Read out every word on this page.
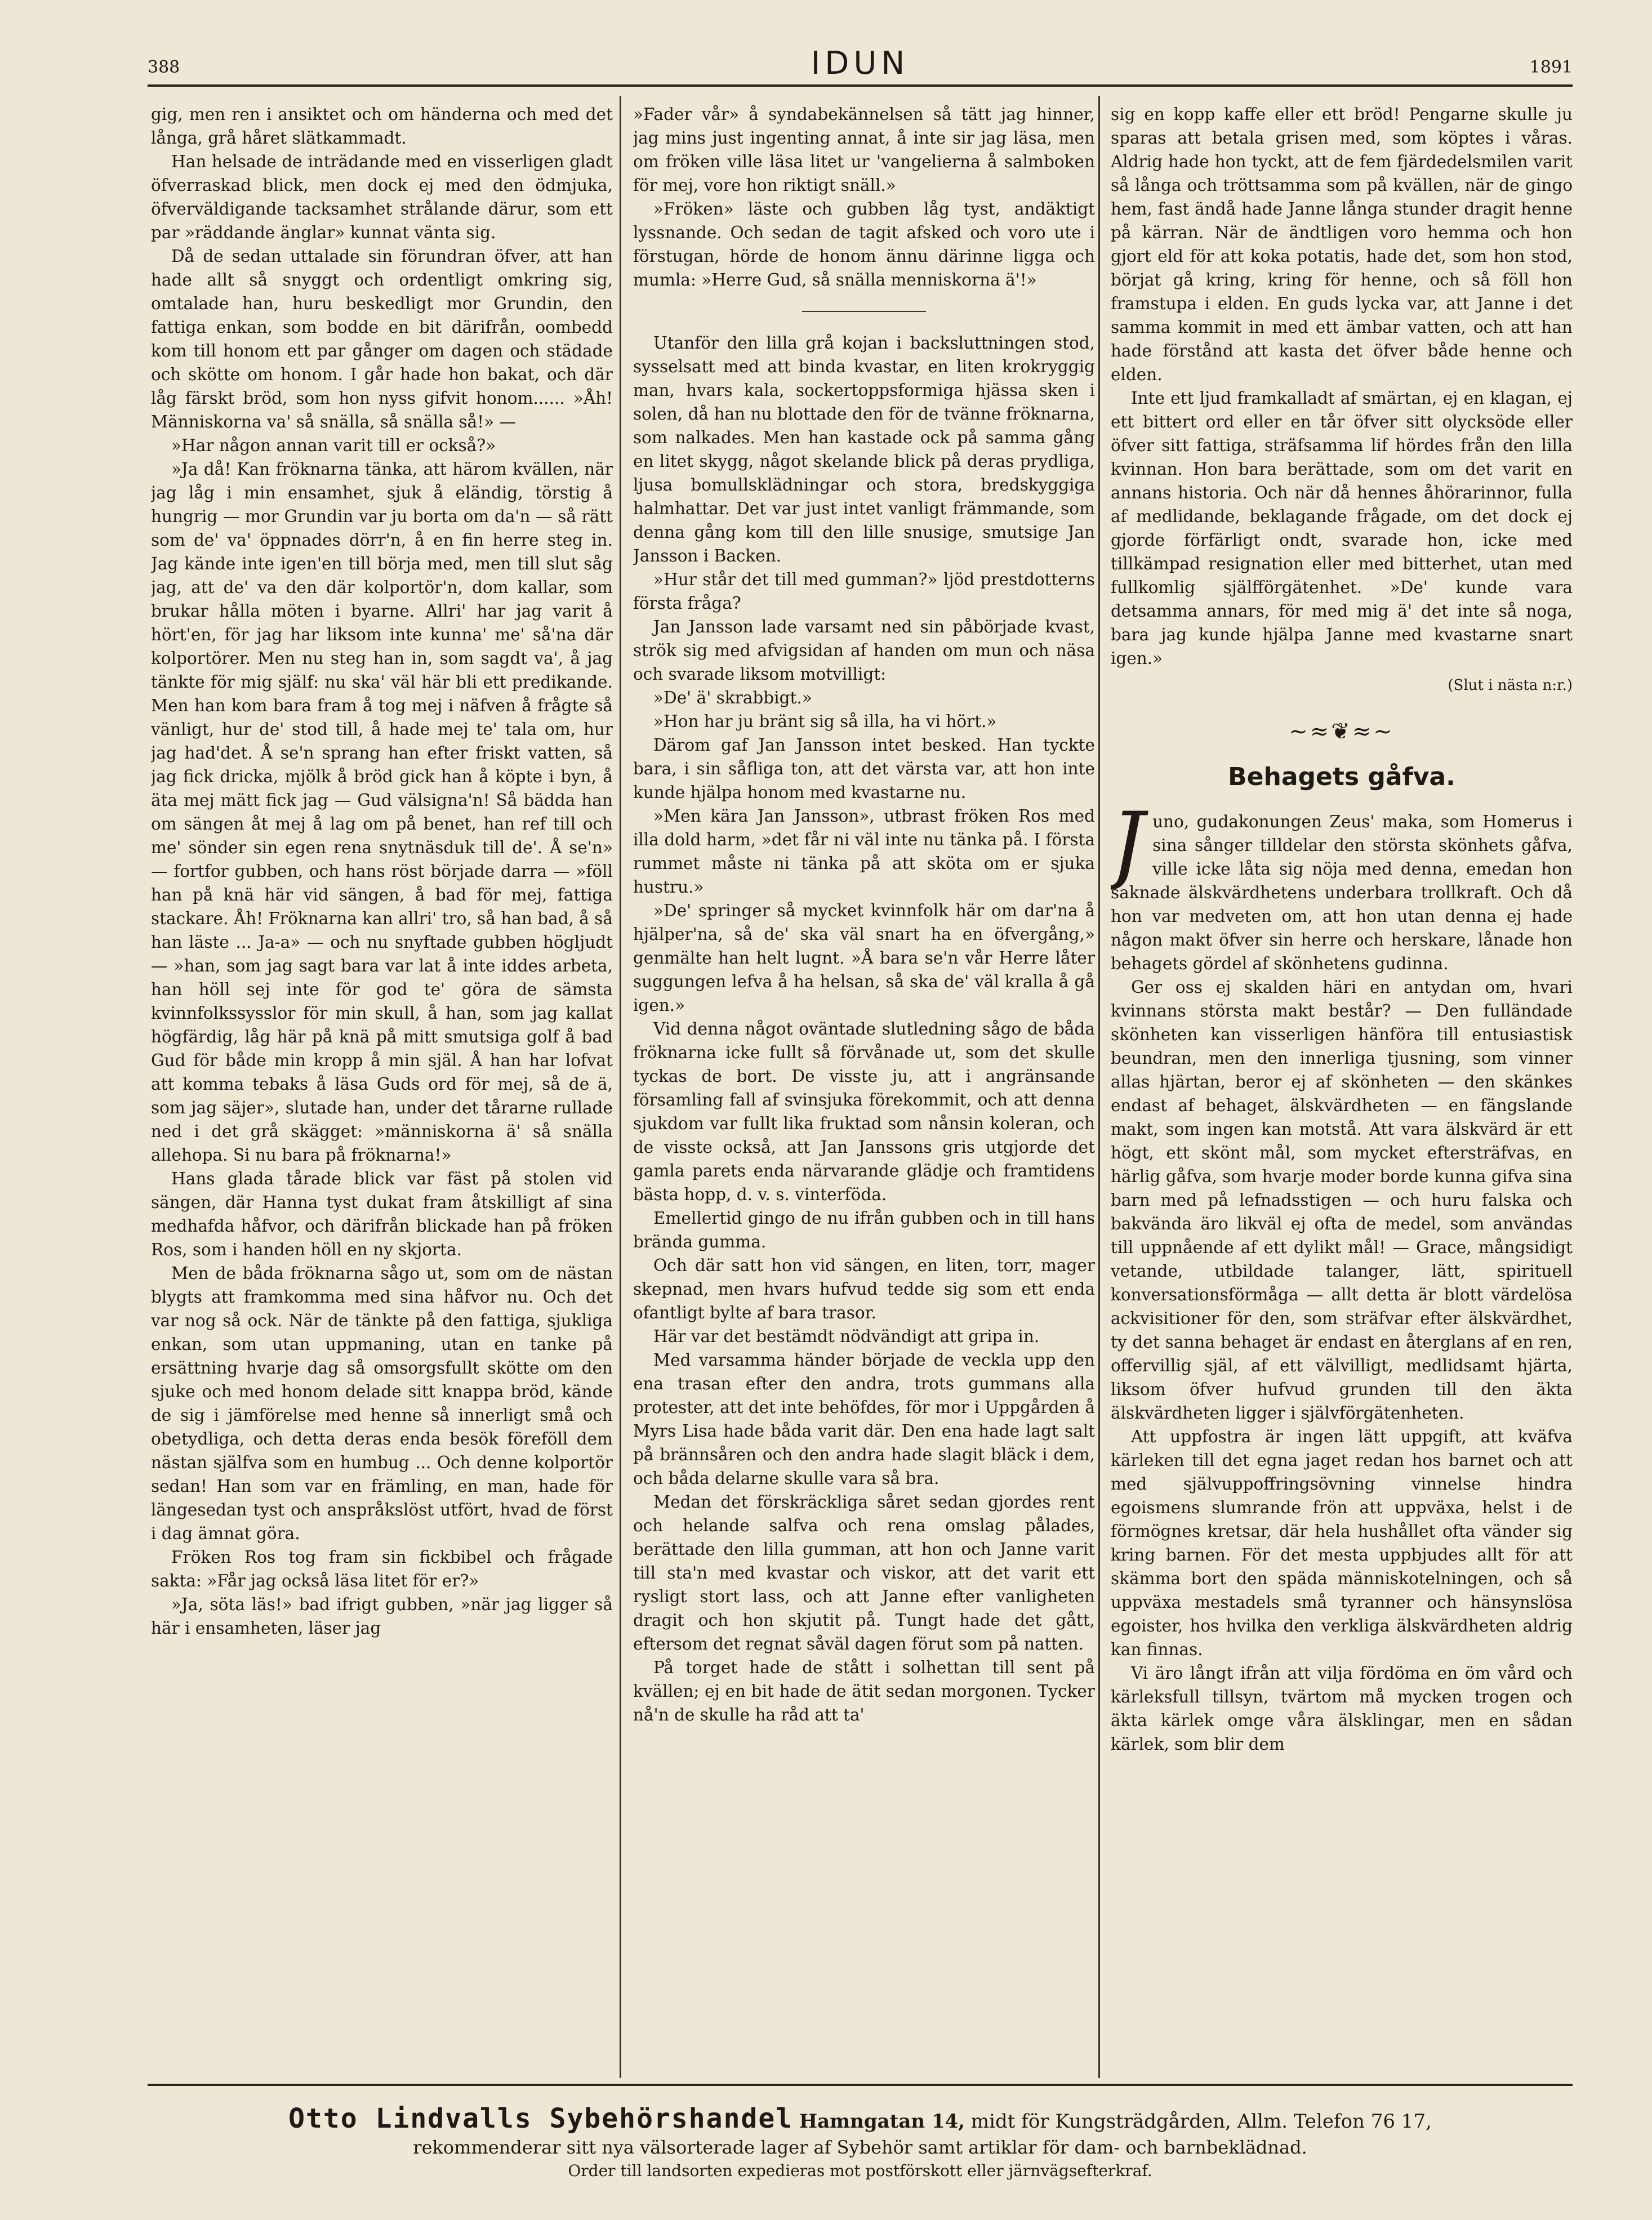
388	IDUN	1891

gig, men ren i ansiktet och om händerna och med det långa, grå håret slätkammadt.

Han helsade de inträdande med en visserligen gladt öfverraskad blick, men dock ej med den ödmjuka, öfverväldigande tacksamhet strålande därur, som ett par »räddande änglar» kunnat vänta sig.

Då de sedan uttalade sin förundran öfver, att han hade allt så snyggt och ordentligt omkring sig, omtalade han, huru beskedligt mor Grundin, den fattiga enkan, som bodde en bit därifrån, oombedd kom till honom ett par gånger om dagen och städade och skötte om honom. I går hade hon bakat, och där låg färskt bröd, som hon nyss gifvit honom...... »Åh! Människorna va' så snälla, så snälla så!» —

»Har någon annan varit till er också?»

»Ja då! Kan fröknarna tänka, att härom kvällen, när jag låg i min ensamhet, sjuk å eländig, törstig å hungrig — mor Grundin var ju borta om da'n — så rätt som de' va' öppnades dörr'n, å en fin herre steg in. Jag kände inte igen'en till börja med, men till slut såg jag, att de' va den där kolportör'n, dom kallar, som brukar hålla möten i byarne. Allri' har jag varit å hört'en, för jag har liksom inte kunna' me' så'na där kolportörer. Men nu steg han in, som sagdt va', å jag tänkte för mig själf: nu ska' väl här bli ett predikande. Men han kom bara fram å tog mej i näfven å frågte så vänligt, hur de' stod till, å hade mej te' tala om, hur jag had'det. Å se'n sprang han efter friskt vatten, så jag fick dricka, mjölk å bröd gick han å köpte i byn, å äta mej mätt fick jag — Gud välsigna'n! Så bädda han om sängen åt mej å lag om på benet, han ref till och me' sönder sin egen rena snytnäsduk till de'. Å se'n» — fortfor gubben, och hans röst började darra — »föll han på knä här vid sängen, å bad för mej, fattiga stackare. Åh! Fröknarna kan allri' tro, så han bad, å så han läste ... Ja-a» — och nu snyftade gubben högljudt — »han, som jag sagt bara var lat å inte iddes arbeta, han höll sej inte för god te' göra de sämsta kvinnfolkssysslor för min skull, å han, som jag kallat högfärdig, låg här på knä på mitt smutsiga golf å bad Gud för både min kropp å min själ. Å han har lofvat att komma tebaks å läsa Guds ord för mej, så de ä, som jag säjer», slutade han, under det tårarne rullade ned i det grå skägget: »människorna ä' så snälla allehopa. Si nu bara på fröknarna!»

Hans glada tårade blick var fäst på stolen vid sängen, där Hanna tyst dukat fram åtskilligt af sina medhafda håfvor, och därifrån blickade han på fröken Ros, som i handen höll en ny skjorta.

Men de båda fröknarna sågo ut, som om de nästan blygts att framkomma med sina håfvor nu. Och det var nog så ock. När de tänkte på den fattiga, sjukliga enkan, som utan uppmaning, utan en tanke på ersättning hvarje dag så omsorgsfullt skötte om den sjuke och med honom delade sitt knappa bröd, kände de sig i jämförelse med henne så innerligt små och obetydliga, och detta deras enda besök föreföll dem nästan själfva som en humbug ... Och denne kolportör sedan! Han som var en främling, en man, hade för längesedan tyst och anspråkslöst utfört, hvad de först i dag ämnat göra.

Fröken Ros tog fram sin fickbibel och frågade sakta: »Får jag också läsa litet för er?»

»Ja, söta läs!» bad ifrigt gubben, »när jag ligger så här i ensamheten, läser jag

»Fader vår» å syndabekännelsen så tätt jag hinner, jag mins just ingenting annat, å inte sir jag läsa, men om fröken ville läsa litet ur 'vangelierna å salmboken för mej, vore hon riktigt snäll.»

»Fröken» läste och gubben låg tyst, andäktigt lyssnande. Och sedan de tagit afsked och voro ute i förstugan, hörde de honom ännu därinne ligga och mumla: »Herre Gud, så snälla menniskorna ä'!»

Utanför den lilla grå kojan i backsluttningen stod, sysselsatt med att binda kvastar, en liten krokryggig man, hvars kala, sockertoppsformiga hjässa sken i solen, då han nu blottade den för de tvänne fröknarna, som nalkades. Men han kastade ock på samma gång en litet skygg, något skelande blick på deras prydliga, ljusa bomullsklädningar och stora, bredskyggiga halmhattar. Det var just intet vanligt främmande, som denna gång kom till den lille snusige, smutsige Jan Jansson i Backen.

»Hur står det till med gumman?» ljöd prestdotterns första fråga?

Jan Jansson lade varsamt ned sin påbörjade kvast, strök sig med afvigsidan af handen om mun och näsa och svarade liksom motvilligt:

»De' ä' skrabbigt.»

»Hon har ju bränt sig så illa, ha vi hört.»

Därom gaf Jan Jansson intet besked. Han tyckte bara, i sin såfliga ton, att det värsta var, att hon inte kunde hjälpa honom med kvastarne nu.

»Men kära Jan Jansson», utbrast fröken Ros med illa dold harm, »det får ni väl inte nu tänka på. I första rummet måste ni tänka på att sköta om er sjuka hustru.»

»De' springer så mycket kvinnfolk här om dar'na å hjälper'na, så de' ska väl snart ha en öfvergång,» genmälte han helt lugnt. »Å bara se'n vår Herre låter suggungen lefva å ha helsan, så ska de' väl kralla å gå igen.»

Vid denna något oväntade slutledning sågo de båda fröknarna icke fullt så förvånade ut, som det skulle tyckas de bort. De visste ju, att i angränsande församling fall af svinsjuka förekommit, och att denna sjukdom var fullt lika fruktad som nånsin koleran, och de visste också, att Jan Janssons gris utgjorde det gamla parets enda närvarande glädje och framtidens bästa hopp, d. v. s. vinterföda.

Emellertid gingo de nu ifrån gubben och in till hans brända gumma.

Och där satt hon vid sängen, en liten, torr, mager skepnad, men hvars hufvud tedde sig som ett enda ofantligt bylte af bara trasor.

Här var det bestämdt nödvändigt att gripa in.

Med varsamma händer började de veckla upp den ena trasan efter den andra, trots gummans alla protester, att det inte behöfdes, för mor i Uppgården å Myrs Lisa hade båda varit där. Den ena hade lagt salt på brännsåren och den andra hade slagit bläck i dem, och båda delarne skulle vara så bra.

Medan det förskräckliga såret sedan gjordes rent och helande salfva och rena omslag pålades, berättade den lilla gumman, att hon och Janne varit till sta'n med kvastar och viskor, att det varit ett rysligt stort lass, och att Janne efter vanligheten dragit och hon skjutit på. Tungt hade det gått, eftersom det regnat såväl dagen förut som på natten.

På torget hade de stått i solhettan till sent på kvällen; ej en bit hade de ätit sedan morgonen. Tycker nå'n de skulle ha råd att ta'

sig en kopp kaffe eller ett bröd! Pengarne skulle ju sparas att betala grisen med, som köptes i våras. Aldrig hade hon tyckt, att de fem fjärdedelsmilen varit så långa och tröttsamma som på kvällen, när de gingo hem, fast ändå hade Janne långa stunder dragit henne på kärran. När de ändtligen voro hemma och hon gjort eld för att koka potatis, hade det, som hon stod, börjat gå kring, kring för henne, och så föll hon framstupa i elden. En guds lycka var, att Janne i det samma kommit in med ett ämbar vatten, och att han hade förstånd att kasta det öfver både henne och elden.

Inte ett ljud framkalladt af smärtan, ej en klagan, ej ett bittert ord eller en tår öfver sitt olycksöde eller öfver sitt fattiga, sträfsamma lif hördes från den lilla kvinnan. Hon bara berättade, som om det varit en annans historia. Och när då hennes åhörarinnor, fulla af medlidande, beklagande frågade, om det dock ej gjorde förfärligt ondt, svarade hon, icke med tillkämpad resignation eller med bitterhet, utan med fullkomlig själfförgätenhet. »De' kunde vara detsamma annars, för med mig ä' det inte så noga, bara jag kunde hjälpa Janne med kvastarne snart igen.»

(Slut i nästa n:r.)
~≈❦≈~
Behagets gåfva.

Juno, gudakonungen Zeus' maka, som Homerus i sina sånger tilldelar den största skönhets gåfva, ville icke låta sig nöja med denna, emedan hon saknade älskvärdhetens underbara trollkraft. Och då hon var medveten om, att hon utan denna ej hade någon makt öfver sin herre och herskare, lånade hon behagets gördel af skönhetens gudinna.

Ger oss ej skalden häri en antydan om, hvari kvinnans största makt består? — Den fulländade skönheten kan visserligen hänföra till entusiastisk beundran, men den innerliga tjusning, som vinner allas hjärtan, beror ej af skönheten — den skänkes endast af behaget, älskvärdheten — en fängslande makt, som ingen kan motstå. Att vara älskvärd är ett högt, ett skönt mål, som mycket eftersträfvas, en härlig gåfva, som hvarje moder borde kunna gifva sina barn med på lefnadsstigen — och huru falska och bakvända äro likväl ej ofta de medel, som användas till uppnående af ett dylikt mål! — Grace, mångsidigt vetande, utbildade talanger, lätt, spirituell konversationsförmåga — allt detta är blott värdelösa ackvisitioner för den, som sträfvar efter älskvärdhet, ty det sanna behaget är endast en återglans af en ren, offervillig själ, af ett välvilligt, medlidsamt hjärta, liksom öfver hufvud grunden till den äkta älskvärdheten ligger i självförgätenheten.

Att uppfostra är ingen lätt uppgift, att kväfva kärleken till det egna jaget redan hos barnet och att med självuppoffringsövning vinnelse hindra egoismens slumrande frön att uppväxa, helst i de förmögnes kretsar, där hela hushållet ofta vänder sig kring barnen. För det mesta uppbjudes allt för att skämma bort den späda människotelningen, och så uppväxa mestadels små tyranner och hänsynslösa egoister, hos hvilka den verkliga älskvärdheten aldrig kan finnas.

Vi äro långt ifrån att vilja fördöma en öm vård och kärleksfull tillsyn, tvärtom må mycken trogen och äkta kärlek omge våra älsklingar, men en sådan kärlek, som blir dem

Otto Lindvalls Sybehörshandel Hamngatan 14, midt för Kungsträdgården, Allm. Telefon 76 17,
rekommenderar sitt nya välsorterade lager af Sybehör samt artiklar för dam- och barnbeklädnad.
Order till landsorten expedieras mot postförskott eller järnvägsefterkraf.
